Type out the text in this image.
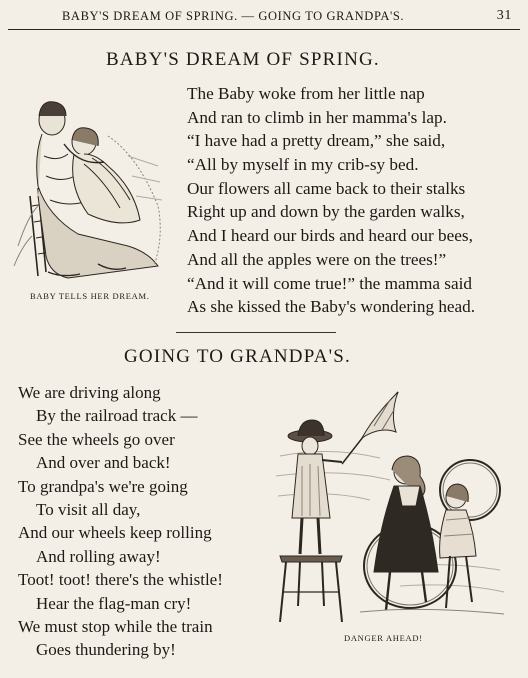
BABY'S DREAM OF SPRING. — GOING TO GRANDPA'S.	31
BABY'S DREAM OF SPRING.
BABY TELLS HER DREAM.
The Baby woke from her little nap
And ran to climb in her mamma's lap.
“I have had a pretty dream,” she said,
“All by myself in my crib-sy bed.
Our flowers all came back to their stalks
Right up and down by the garden walks,
And I heard our birds and heard our bees,
And all the apples were on the trees!”
“And it will come true!” the mamma said
As she kissed the Baby's wondering head.
GOING TO GRANDPA'S.
We are driving along
By the railroad track —
See the wheels go over
And over and back!
To grandpa's we're going
To visit all day,
And our wheels keep rolling
And rolling away!
Toot! toot! there's the whistle!
Hear the flag-man cry!
We must stop while the train
Goes thundering by!
DANGER AHEAD!
